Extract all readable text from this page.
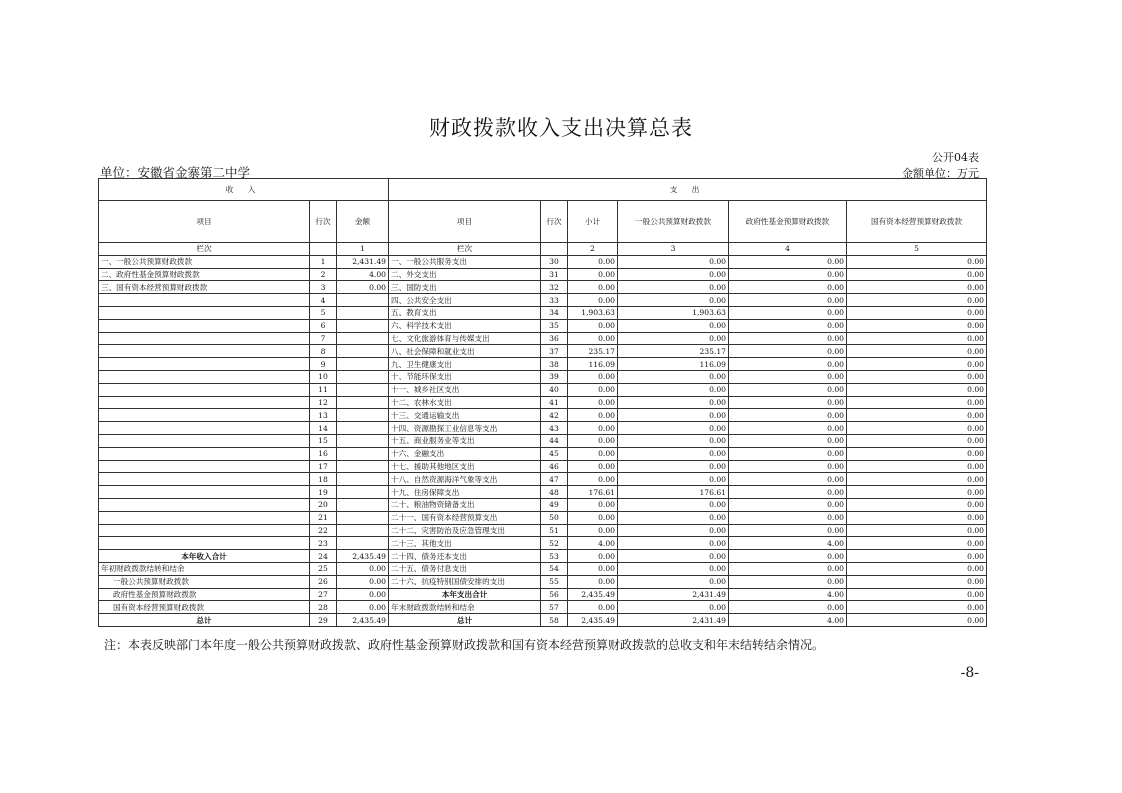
财政拨款收入支出决算总表
公开04表
单位：安徽省金寨第二中学	金额单位：万元
收 入			支 出					
项目	行次	金额	项目	行次	小计	一般公共预算财政拨款	政府性基金预算财政拨款	国有资本经营预算财政拨款
栏次		1	栏次		2	3	4	5
一、一般公共预算财政拨款	1	2,431.49	一、一般公共服务支出	30	0.00	0.00	0.00	0.00
二、政府性基金预算财政拨款	2	4.00	二、外交支出	31	0.00	0.00	0.00	0.00
三、国有资本经营预算财政拨款	3	0.00	三、国防支出	32	0.00	0.00	0.00	0.00
	4		四、公共安全支出	33	0.00	0.00	0.00	0.00
	5		五、教育支出	34	1,903.63	1,903.63	0.00	0.00
	6		六、科学技术支出	35	0.00	0.00	0.00	0.00
	7		七、文化旅游体育与传媒支出	36	0.00	0.00	0.00	0.00
	8		八、社会保障和就业支出	37	235.17	235.17	0.00	0.00
	9		九、卫生健康支出	38	116.09	116.09	0.00	0.00
	10		十、节能环保支出	39	0.00	0.00	0.00	0.00
	11		十一、城乡社区支出	40	0.00	0.00	0.00	0.00
	12		十二、农林水支出	41	0.00	0.00	0.00	0.00
	13		十三、交通运输支出	42	0.00	0.00	0.00	0.00
	14		十四、资源勘探工业信息等支出	43	0.00	0.00	0.00	0.00
	15		十五、商业服务业等支出	44	0.00	0.00	0.00	0.00
	16		十六、金融支出	45	0.00	0.00	0.00	0.00
	17		十七、援助其他地区支出	46	0.00	0.00	0.00	0.00
	18		十八、自然资源海洋气象等支出	47	0.00	0.00	0.00	0.00
	19		十九、住房保障支出	48	176.61	176.61	0.00	0.00
	20		二十、粮油物资储备支出	49	0.00	0.00	0.00	0.00
	21		二十一、国有资本经营预算支出	50	0.00	0.00	0.00	0.00
	22		二十二、灾害防治及应急管理支出	51	0.00	0.00	0.00	0.00
	23		二十三、其他支出	52	4.00	0.00	4.00	0.00
本年收入合计	24	2,435.49	二十四、债务还本支出	53	0.00	0.00	0.00	0.00
年初财政拨款结转和结余	25	0.00	二十五、债务付息支出	54	0.00	0.00	0.00	0.00
一般公共预算财政拨款	26	0.00	二十六、抗疫特别国债安排的支出	55	0.00	0.00	0.00	0.00
政府性基金预算财政拨款	27	0.00	本年支出合计	56	2,435.49	2,431.49	4.00	0.00
国有资本经营预算财政拨款	28	0.00	年末财政拨款结转和结余	57	0.00	0.00	0.00	0.00
总计	29	2,435.49	总计	58	2,435.49	2,431.49	4.00	0.00
注：本表反映部门本年度一般公共预算财政拨款、政府性基金预算财政拨款和国有资本经营预算财政拨款的总收支和年末结转结余情况。
-8-
